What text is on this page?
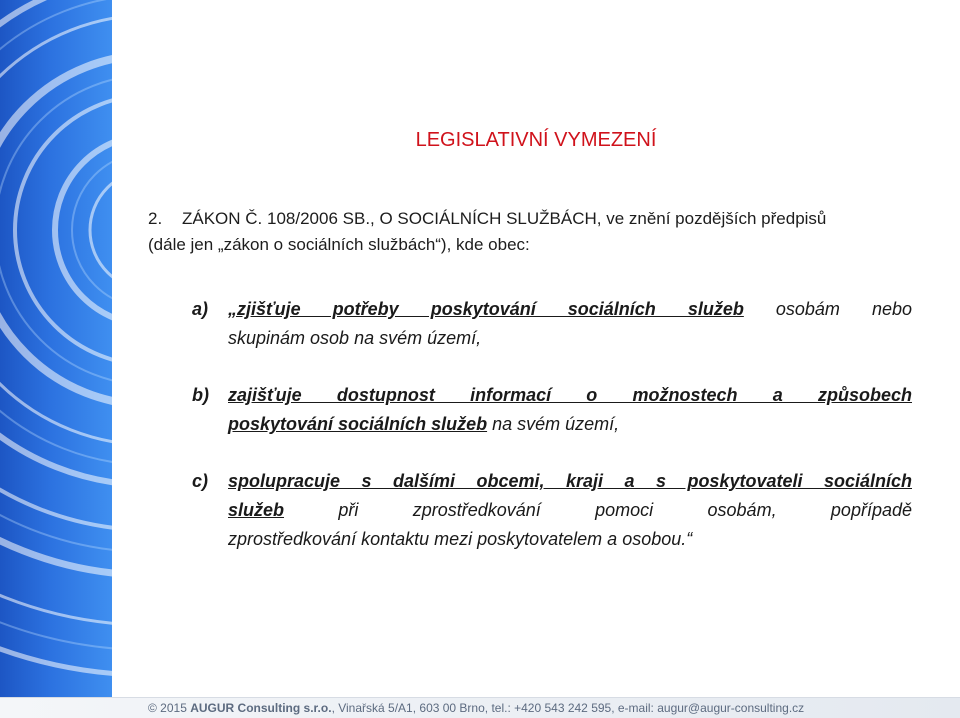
LEGISLATIVNÍ VYMEZENÍ
2. ZÁKON Č. 108/2006 SB., O SOCIÁLNÍCH SLUŽBÁCH, ve znění pozdějších předpisů
(dále jen „zákon o sociálních službách“), kde obec:
a)	„zjišťuje potřeby poskytování sociálních služeb osobám nebo
skupinám osob na svém území,
b)	zajišťuje dostupnost informací o možnostech a způsobech
poskytování sociálních služeb na svém území,
c)	spolupracuje s dalšími obcemi, kraji a s poskytovateli sociálních
služeb při zprostředkování pomoci osobám, popřípadě
zprostředkování kontaktu mezi poskytovatelem a osobou.“
© 2015 AUGUR Consulting s.r.o., Vinařská 5/A1, 603 00 Brno, tel.: +420 543 242 595, e-mail: augur@augur-consulting.cz
